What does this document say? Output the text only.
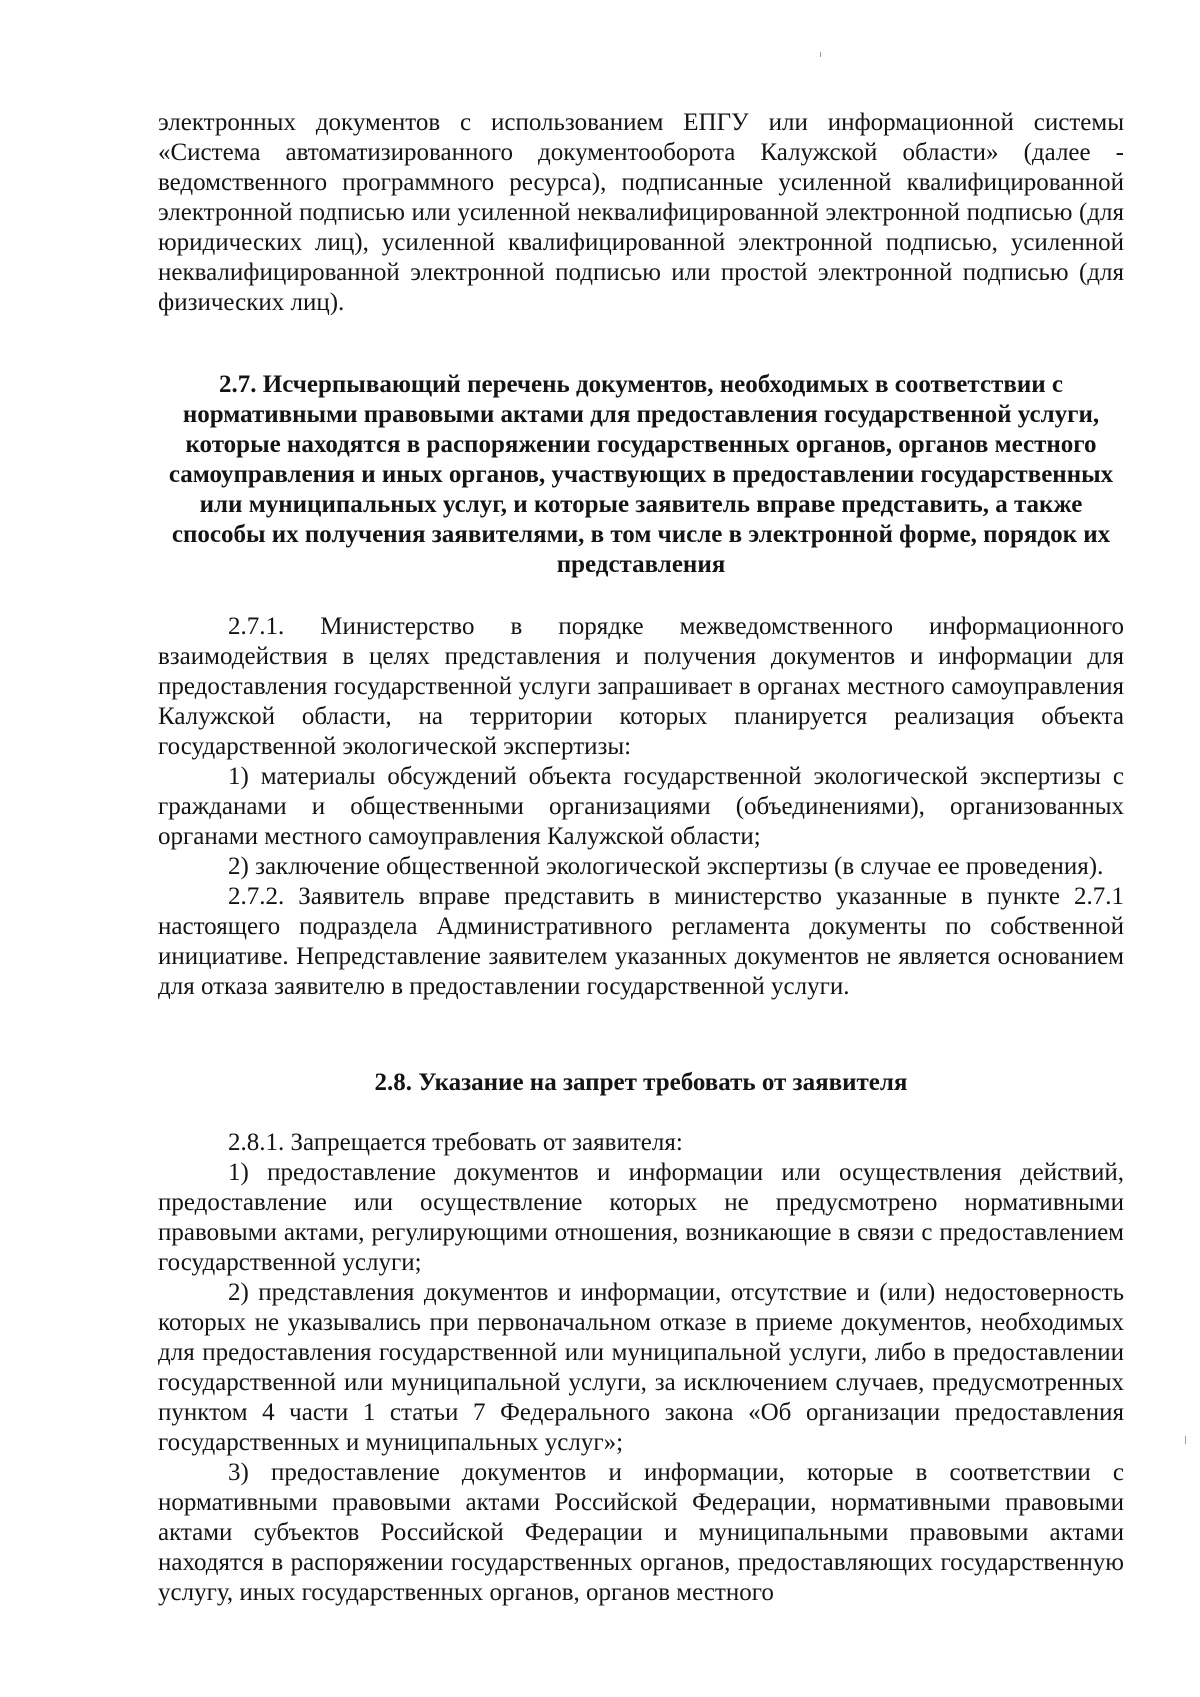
электронных документов с использованием ЕПГУ или информационной системы «Система автоматизированного документооборота Калужской области» (далее - ведомственного программного ресурса), подписанные усиленной квалифицированной электронной подписью или усиленной неквалифицированной электронной подписью (для юридических лиц), усиленной квалифицированной электронной подписью, усиленной неквалифицированной электронной подписью или простой электронной подписью (для физических лиц).

2.7. Исчерпывающий перечень документов, необходимых в соответствии с нормативными правовыми актами для предоставления государственной услуги, которые находятся в распоряжении государственных органов, органов местного самоуправления и иных органов, участвующих в предоставлении государственных или муниципальных услуг, и которые заявитель вправе представить, а также способы их получения заявителями, в том числе в электронной форме, порядок их представления

2.7.1. Министерство в порядке межведомственного информационного взаимодействия в целях представления и получения документов и информации для предоставления государственной услуги запрашивает в органах местного самоуправления Калужской области, на территории которых планируется реализация объекта государственной экологической экспертизы:

1) материалы обсуждений объекта государственной экологической экспертизы с гражданами и общественными организациями (объединениями), организованных органами местного самоуправления Калужской области;

2) заключение общественной экологической экспертизы (в случае ее проведения).

2.7.2. Заявитель вправе представить в министерство указанные в пункте 2.7.1 настоящего подраздела Административного регламента документы по собственной инициативе. Непредставление заявителем указанных документов не является основанием для отказа заявителю в предоставлении государственной услуги.

2.8. Указание на запрет требовать от заявителя

2.8.1. Запрещается требовать от заявителя:

1) предоставление документов и информации или осуществления действий, предоставление или осуществление которых не предусмотрено нормативными правовыми актами, регулирующими отношения, возникающие в связи с предоставлением государственной услуги;

2) представления документов и информации, отсутствие и (или) недостоверность которых не указывались при первоначальном отказе в приеме документов, необходимых для предоставления государственной или муниципальной услуги, либо в предоставлении государственной или муниципальной услуги, за исключением случаев, предусмотренных пунктом 4 части 1 статьи 7 Федерального закона «Об организации предоставления государственных и муниципальных услуг»;

3) предоставление документов и информации, которые в соответствии с нормативными правовыми актами Российской Федерации, нормативными правовыми актами субъектов Российской Федерации и муниципальными правовыми актами находятся в распоряжении государственных органов, предоставляющих государственную услугу, иных государственных органов, органов местного
